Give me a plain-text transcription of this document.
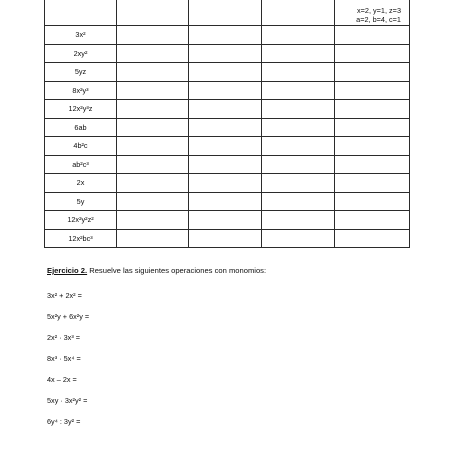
				x=2, y=1, z=3
a=2, b=4, c=1

3x²				
2xy²				
5yz				
8x²y³				
12x²y³z				
6ab				
4b²c				
ab²c³				
2x				
5y				
12x²y²z²				
12x²bc³				
Ejercicio 2. Resuelve las siguientes operaciones con monomios:
3x² + 2x² =
5x²y + 6x²y =
2x² · 3x³ =
8x³ · 5x⁴ =
4x – 2x =
5xy · 3x²y² =
6y⁴ : 3y² =
